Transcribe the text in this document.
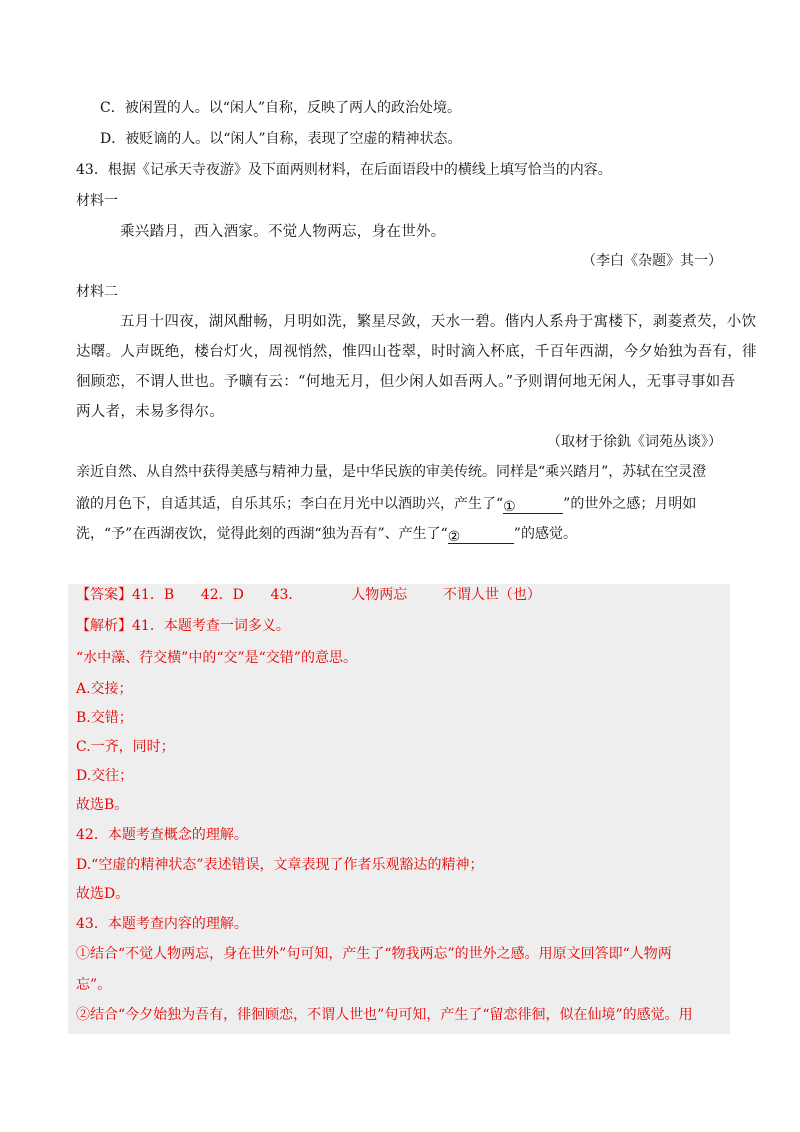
C．被闲置的人。以“闲人”自称，反映了两人的政治处境。
D．被贬谪的人。以“闲人”自称，表现了空虚的精神状态。
43．根据《记承天寺夜游》及下面两则材料，在后面语段中的横线上填写恰当的内容。
材料一
乘兴踏月，西入酒家。不觉人物两忘，身在世外。
（李白《杂题》其一）
材料二
五月十四夜，湖风酣畅，月明如洗，繁星尽敛，天水一碧。偕内人系舟于寓楼下，剥菱煮芡，小饮
达曙。人声既绝，楼台灯火，周视悄然，惟四山苍翠，时时滴入杯底，千百年西湖，今夕始独为吾有，徘
徊顾恋，不谓人世也。予曠有云：“何地无月，但少闲人如吾两人。”予则谓何地无闲人，无事寻事如吾
两人者，未易多得尔。
（取材于徐釚《词苑丛谈》）
亲近自然、从自然中获得美感与精神力量，是中华民族的审美传统。同样是“乘兴踏月”，苏轼在空灵澄
澈的月色下，自适其适，自乐其乐；李白在月光中以酒助兴，产生了“①	”的世外之感；月明如
洗，“予”在西湖夜饮，觉得此刻的西湖“独为吾有”、产生了“②	”的感觉。
【答案】41．B      42．D      43．           人物两忘        不谓人世（也）
【解析】41．本题考查一词多义。
“水中藻、荇交横”中的“交”是“交错”的意思。
A.交接；
B.交错；
C.一齐，同时；
D.交往；
故选B。
42．本题考查概念的理解。
D.“空虚的精神状态”表述错误，文章表现了作者乐观豁达的精神；
故选D。
43．本题考查内容的理解。
①结合“不觉人物两忘，身在世外”句可知，产生了“物我两忘”的世外之感。用原文回答即“人物两
忘”。
②结合“今夕始独为吾有，徘徊顾恋，不谓人世也”句可知，产生了“留恋徘徊，似在仙境”的感觉。用
